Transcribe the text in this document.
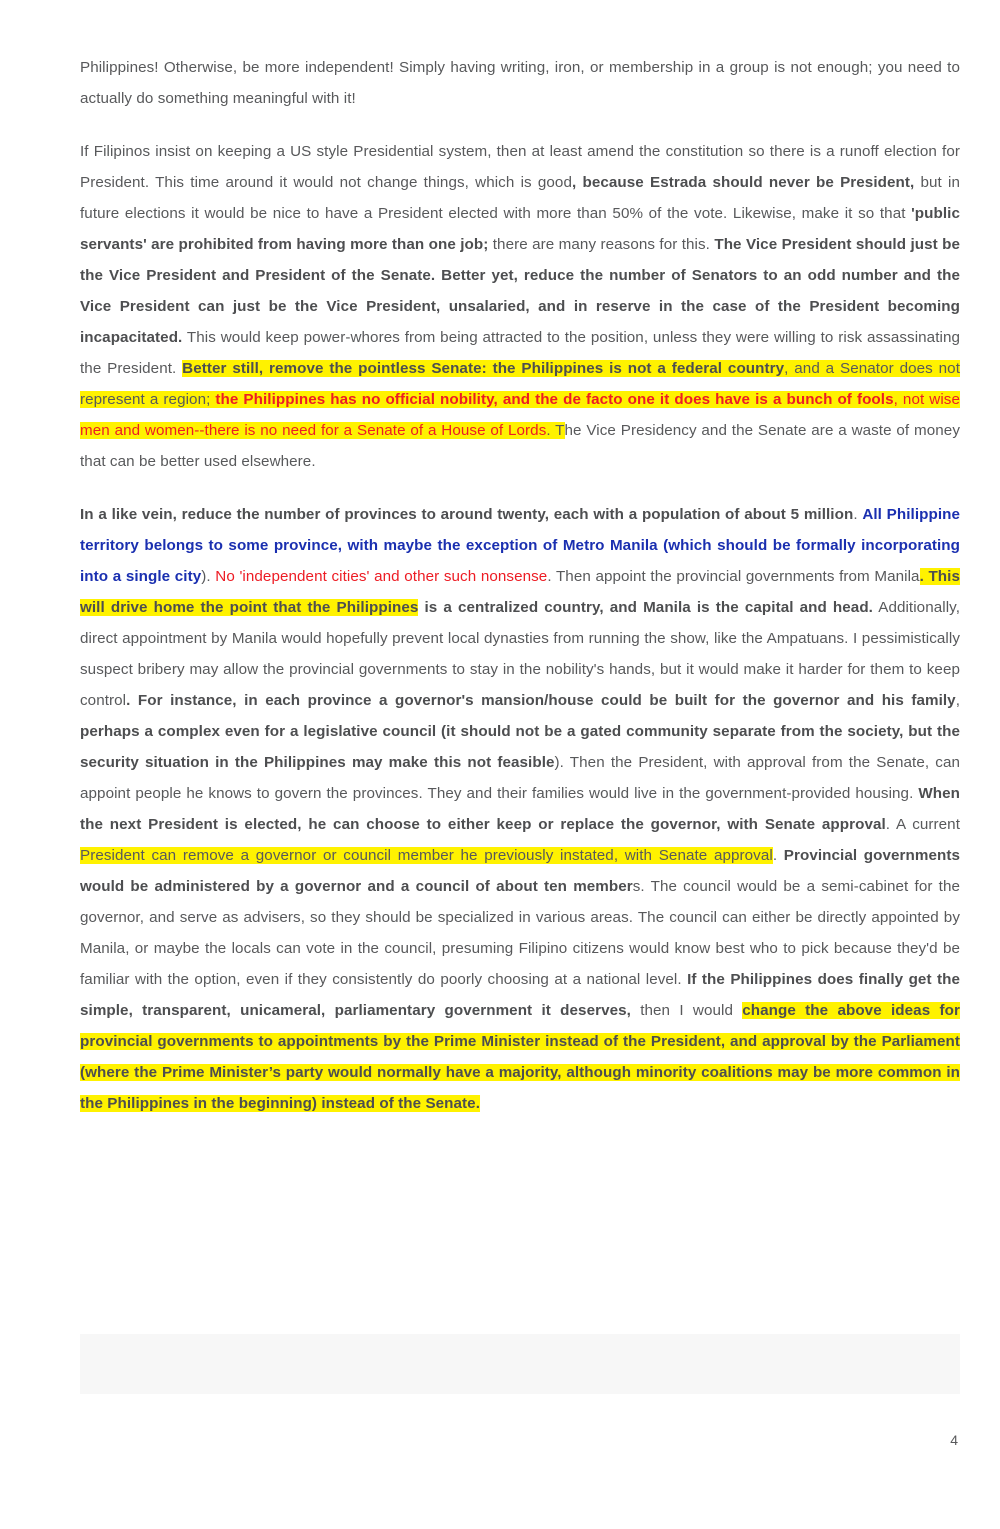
Philippines! Otherwise, be more independent! Simply having writing, iron, or membership in a group is not enough; you need to actually do something meaningful with it!

If Filipinos insist on keeping a US style Presidential system, then at least amend the constitution so there is a runoff election for President. This time around it would not change things, which is good, because Estrada should never be President, but in future elections it would be nice to have a President elected with more than 50% of the vote. Likewise, make it so that 'public servants' are prohibited from having more than one job; there are many reasons for this. The Vice President should just be the Vice President and President of the Senate. Better yet, reduce the number of Senators to an odd number and the Vice President can just be the Vice President, unsalaried, and in reserve in the case of the President becoming incapacitated. This would keep power-whores from being attracted to the position, unless they were willing to risk assassinating the President. Better still, remove the pointless Senate: the Philippines is not a federal country, and a Senator does not represent a region; the Philippines has no official nobility, and the de facto one it does have is a bunch of fools, not wise men and women--there is no need for a Senate of a House of Lords. The Vice Presidency and the Senate are a waste of money that can be better used elsewhere.

In a like vein, reduce the number of provinces to around twenty, each with a population of about 5 million. All Philippine territory belongs to some province, with maybe the exception of Metro Manila (which should be formally incorporating into a single city). No 'independent cities' and other such nonsense. Then appoint the provincial governments from Manila. This will drive home the point that the Philippines is a centralized country, and Manila is the capital and head. Additionally, direct appointment by Manila would hopefully prevent local dynasties from running the show, like the Ampatuans. I pessimistically suspect bribery may allow the provincial governments to stay in the nobility's hands, but it would make it harder for them to keep control. For instance, in each province a governor's mansion/house could be built for the governor and his family, perhaps a complex even for a legislative council (it should not be a gated community separate from the society, but the security situation in the Philippines may make this not feasible). Then the President, with approval from the Senate, can appoint people he knows to govern the provinces. They and their families would live in the government-provided housing. When the next President is elected, he can choose to either keep or replace the governor, with Senate approval. A current President can remove a governor or council member he previously instated, with Senate approval. Provincial governments would be administered by a governor and a council of about ten members. The council would be a semi-cabinet for the governor, and serve as advisers, so they should be specialized in various areas. The council can either be directly appointed by Manila, or maybe the locals can vote in the council, presuming Filipino citizens would know best who to pick because they'd be familiar with the option, even if they consistently do poorly choosing at a national level. If the Philippines does finally get the simple, transparent, unicameral, parliamentary government it deserves, then I would change the above ideas for provincial governments to appointments by the Prime Minister instead of the President, and approval by the Parliament (where the Prime Minister’s party would normally have a majority, although minority coalitions may be more common in the Philippines in the beginning) instead of the Senate.

4
